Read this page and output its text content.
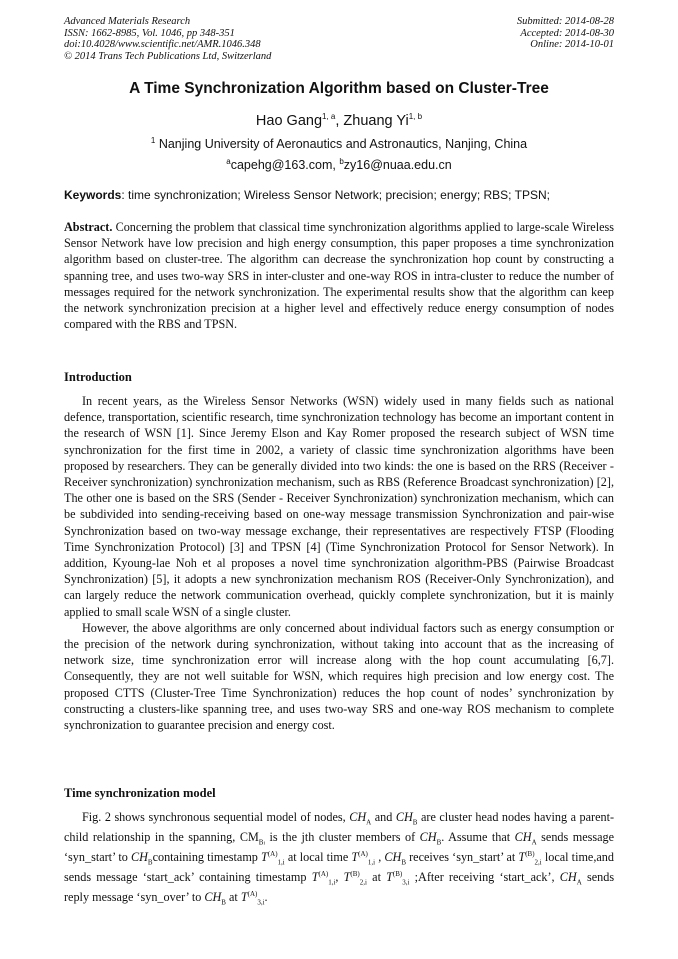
Advanced Materials Research
ISSN: 1662-8985, Vol. 1046, pp 348-351
doi:10.4028/www.scientific.net/AMR.1046.348
© 2014 Trans Tech Publications Ltd, Switzerland
Submitted: 2014-08-28
Accepted: 2014-08-30
Online: 2014-10-01
A Time Synchronization Algorithm based on Cluster-Tree
Hao Gang$^{1, a}$, Zhuang Yi$^{1, b}$
$^1$ Nanjing University of Aeronautics and Astronautics, Nanjing, China
$^a$capehg@163.com, $^b$zy16@nuaa.edu.cn
Keywords: time synchronization; Wireless Sensor Network; precision; energy; RBS; TPSN;
Abstract. Concerning the problem that classical time synchronization algorithms applied to large-scale Wireless Sensor Network have low precision and high energy consumption, this paper proposes a time synchronization algorithm based on cluster-tree. The algorithm can decrease the synchronization hop count by constructing a spanning tree, and uses two-way SRS in inter-cluster and one-way ROS in intra-cluster to reduce the number of messages required for the network synchronization. The experimental results show that the algorithm can keep the network synchronization precision at a higher level and effectively reduce energy consumption of nodes compared with the RBS and TPSN.
Introduction

In recent years, as the Wireless Sensor Networks (WSN) widely used in many fields such as national defence, transportation, scientific research, time synchronization technology has become an important content in the research of WSN [1]. Since Jeremy Elson and Kay Romer proposed the research subject of WSN time synchronization for the first time in 2002, a variety of classic time synchronization algorithms have been proposed by researchers. They can be generally divided into two kinds: the one is based on the RRS (Receiver - Receiver synchronization) synchronization mechanism, such as RBS (Reference Broadcast synchronization) [2], The other one is based on the SRS (Sender - Receiver Synchronization) synchronization mechanism, which can be subdivided into sending-receiving based on one-way message transmission Synchronization and pair-wise Synchronization based on two-way message exchange, their representatives are respectively FTSP (Flooding Time Synchronization Protocol) [3] and TPSN [4] (Time Synchronization Protocol for Sensor Network). In addition, Kyoung-lae Noh et al proposes a novel time synchronization algorithm-PBS (Pairwise Broadcast Synchronization) [5], it adopts a new synchronization mechanism ROS (Receiver-Only Synchronization), and can largely reduce the network communication overhead, quickly complete synchronization, but it is mainly applied to small scale WSN of a single cluster.

However, the above algorithms are only concerned about individual factors such as energy consumption or the precision of the network during synchronization, without taking into account that as the increasing of network size, time synchronization error will increase along with the hop count accumulating [6,7]. Consequently, they are not well suitable for WSN, which requires high precision and low energy cost. The proposed CTTS (Cluster-Tree Time Synchronization) reduces the hop count of nodes’ synchronization by constructing a clusters-like spanning tree, and uses two-way SRS and one-way ROS mechanism to complete synchronization to guarantee precision and energy cost.

Time synchronization model

Fig. 2 shows synchronous sequential model of nodes, $CH_A$ and $CH_B$ are cluster head nodes having a parent-child relationship in the spanning, $CM_{Bi}$ is the jth cluster members of $CH_B$. Assume that $CH_A$ sends message ‘syn_start’ to $CH_Bcontaining$ timestamp $T^{(A)}_{1,i}$ at local time $T^{(A)}_{1,i}$ , $CH_B$ receives ‘syn_start’ at $T^{(B)}_{2,i}$ local time,and sends message ‘start_ack’ containing timestamp $T^{(A)}_{1,i}$, $T^{(B)}_{2,i}$ at $T^{(B)}_{3,i}$ ;After receiving ‘start_ack’, $CH_A$ sends reply message ‘syn_over’ to $CH_B$ at $T^{(A)}_{3,i}$.
